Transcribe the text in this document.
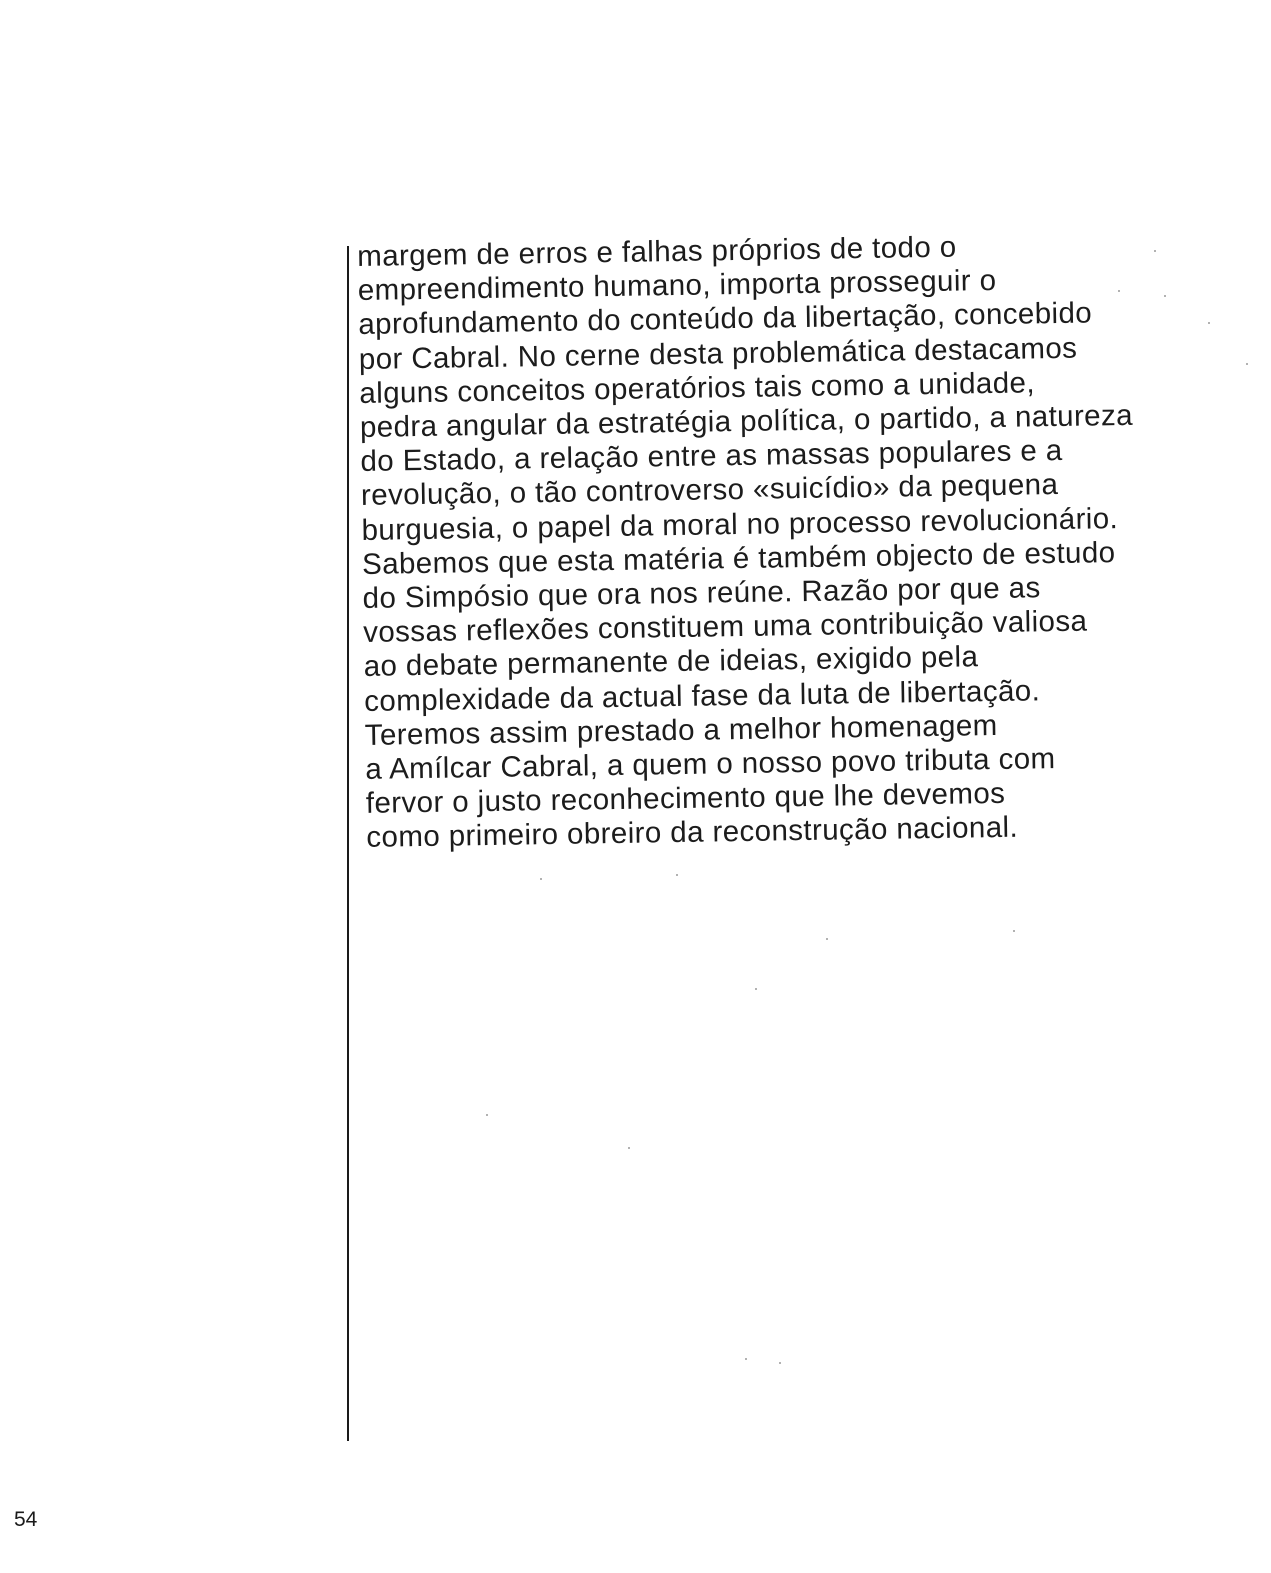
margem de erros e falhas próprios de todo o
empreendimento humano, importa prosseguir o
aprofundamento do conteúdo da libertação, concebido
por Cabral. No cerne desta problemática destacamos
alguns conceitos operatórios tais como a unidade,
pedra angular da estratégia política, o partido, a natureza
do Estado, a relação entre as massas populares e a
revolução, o tão controverso «suicídio» da pequena
burguesia, o papel da moral no processo revolucionário.
Sabemos que esta matéria é também objecto de estudo
do Simpósio que ora nos reúne. Razão por que as
vossas reflexões constituem uma contribuição valiosa
ao debate permanente de ideias, exigido pela
complexidade da actual fase da luta de libertação.
Teremos assim prestado a melhor homenagem
a Amílcar Cabral, a quem o nosso povo tributa com
fervor o justo reconhecimento que lhe devemos
como primeiro obreiro da reconstrução nacional.
54
